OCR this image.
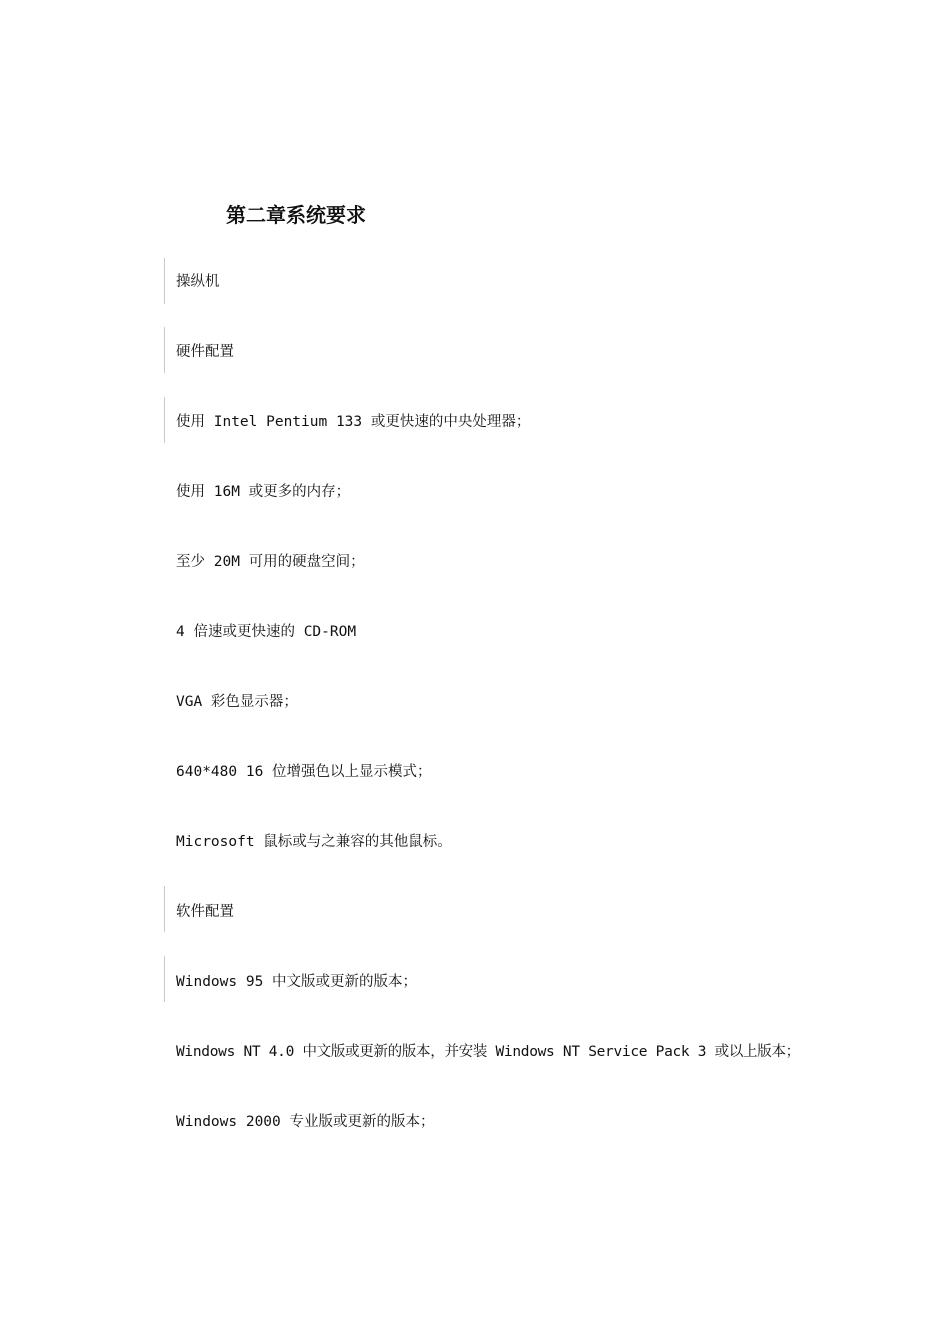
第二章系统要求
操纵机
硬件配置
使用 Intel Pentium 133 或更快速的中央处理器；
使用 16M 或更多的内存；
至少 20M 可用的硬盘空间；
4 倍速或更快速的 CD-ROM
VGA 彩色显示器；
640*480 16 位增强色以上显示模式；
Microsoft 鼠标或与之兼容的其他鼠标。
软件配置
Windows 95 中文版或更新的版本；
Windows NT 4.0 中文版或更新的版本，并安装 Windows NT Service Pack 3 或以上版本；
Windows 2000 专业版或更新的版本；
